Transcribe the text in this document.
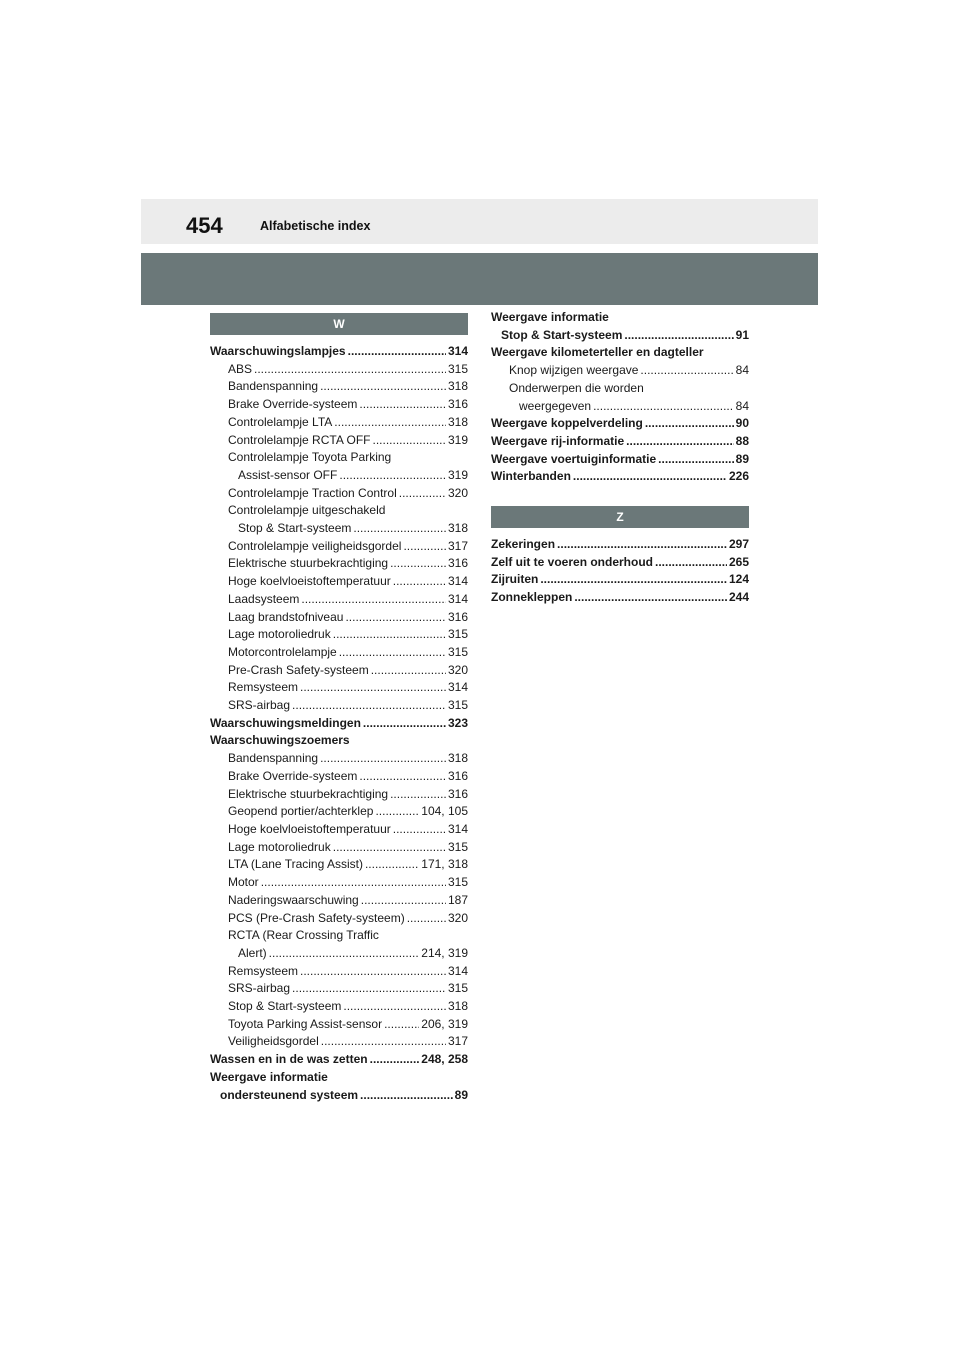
454	Alfabetische index
W
Waarschuwingslampjes .....	314
ABS .....	315
Bandenspanning .....	318
Brake Override-systeem .....	316
Controlelampje LTA .....	318
Controlelampje RCTA OFF .....	319
Controlelampje Toyota Parking
Assist-sensor OFF .....	319
Controlelampje Traction Control .....	320
Controlelampje uitgeschakeld
Stop & Start-systeem .....	318
Controlelampje veiligheidsgordel .....	317
Elektrische stuurbekrachtiging .....	316
Hoge koelvloeistoftemperatuur .....	314
Laadsysteem .....	314
Laag brandstofniveau .....	316
Lage motoroliedruk .....	315
Motorcontrolelampje .....	315
Pre-Crash Safety-systeem .....	320
Remsysteem .....	314
SRS-airbag .....	315
Waarschuwingsmeldingen .....	323
Waarschuwingszoemers
Bandenspanning .....	318
Brake Override-systeem .....	316
Elektrische stuurbekrachtiging .....	316
Geopend portier/achterklep .....	104, 105
Hoge koelvloeistoftemperatuur .....	314
Lage motoroliedruk .....	315
LTA (Lane Tracing Assist) .....	171, 318
Motor .....	315
Naderingswaarschuwing .....	187
PCS (Pre-Crash Safety-systeem) .....	320
RCTA (Rear Crossing Traffic
Alert) .....	214, 319
Remsysteem .....	314
SRS-airbag .....	315
Stop & Start-systeem .....	318
Toyota Parking Assist-sensor .....	206, 319
Veiligheidsgordel .....	317
Wassen en in de was zetten .....	248, 258
Weergave informatie
ondersteunend systeem .....	89
Weergave informatie
Stop & Start-systeem .....	91
Weergave kilometerteller en dagteller
Knop wijzigen weergave .....	84
Onderwerpen die worden
weergegeven .....	84
Weergave koppelverdeling .....	90
Weergave rij-informatie .....	88
Weergave voertuiginformatie .....	89
Winterbanden .....	226
Z
Zekeringen .....	297
Zelf uit te voeren onderhoud .....	265
Zijruiten .....	124
Zonnekleppen .....	244
